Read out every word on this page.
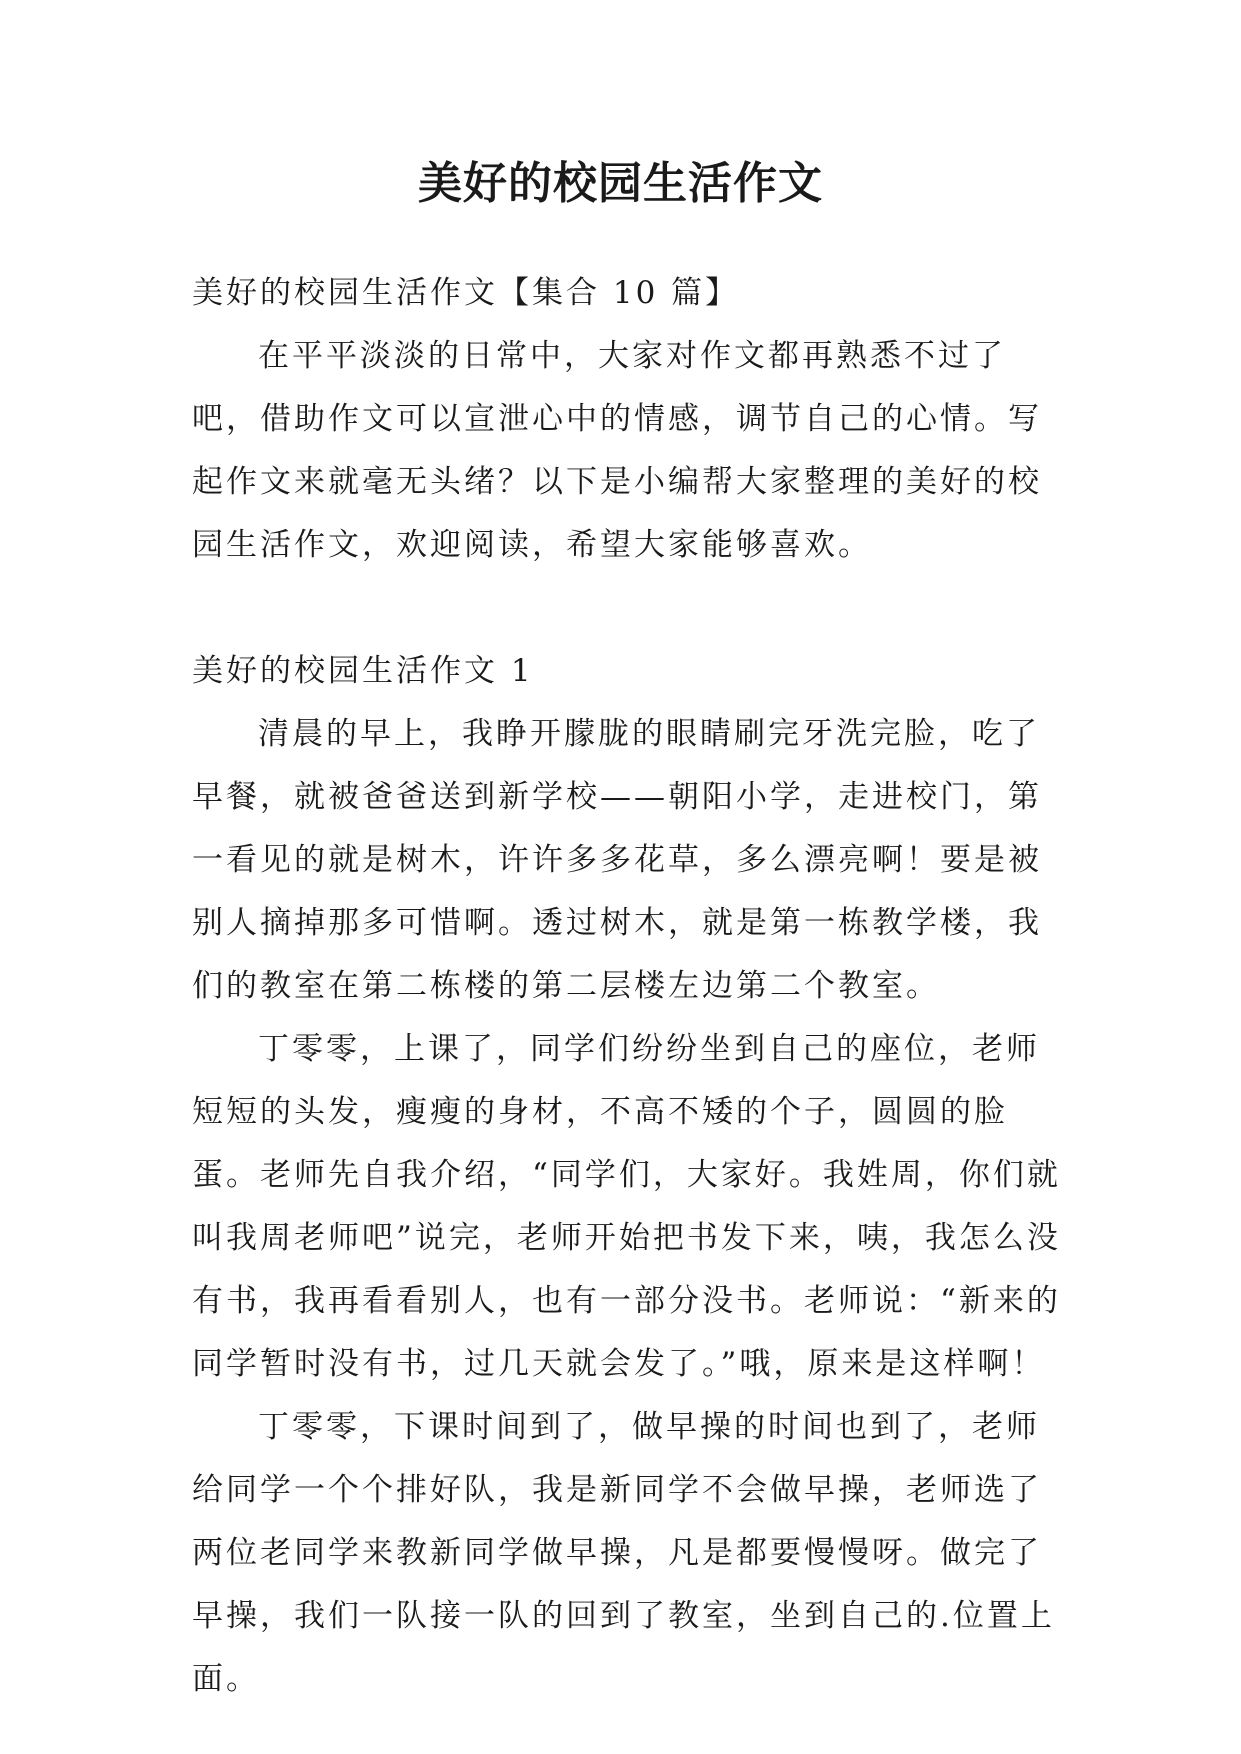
美好的校园生活作文

美好的校园生活作文【集合 10 篇】

在平平淡淡的日常中，大家对作文都再熟悉不过了吧，借助作文可以宣泄心中的情感，调节自己的心情。写起作文来就毫无头绪？以下是小编帮大家整理的美好的校园生活作文，欢迎阅读，希望大家能够喜欢。

美好的校园生活作文 1

清晨的早上，我睁开朦胧的眼睛刷完牙洗完脸，吃了早餐，就被爸爸送到新学校——朝阳小学，走进校门，第一看见的就是树木，许许多多花草，多么漂亮啊！要是被别人摘掉那多可惜啊。透过树木，就是第一栋教学楼，我们的教室在第二栋楼的第二层楼左边第二个教室。

丁零零，上课了，同学们纷纷坐到自己的座位，老师短短的头发，瘦瘦的身材，不高不矮的个子，圆圆的脸蛋。老师先自我介绍，“同学们，大家好。我姓周，你们就叫我周老师吧”说完，老师开始把书发下来，咦，我怎么没有书，我再看看别人，也有一部分没书。老师说：“新来的同学暂时没有书，过几天就会发了。”哦，原来是这样啊！

丁零零，下课时间到了，做早操的时间也到了，老师给同学一个个排好队，我是新同学不会做早操，老师选了两位老同学来教新同学做早操，凡是都要慢慢呀。做完了早操，我们一队接一队的回到了教室，坐到自己的.位置上面。
